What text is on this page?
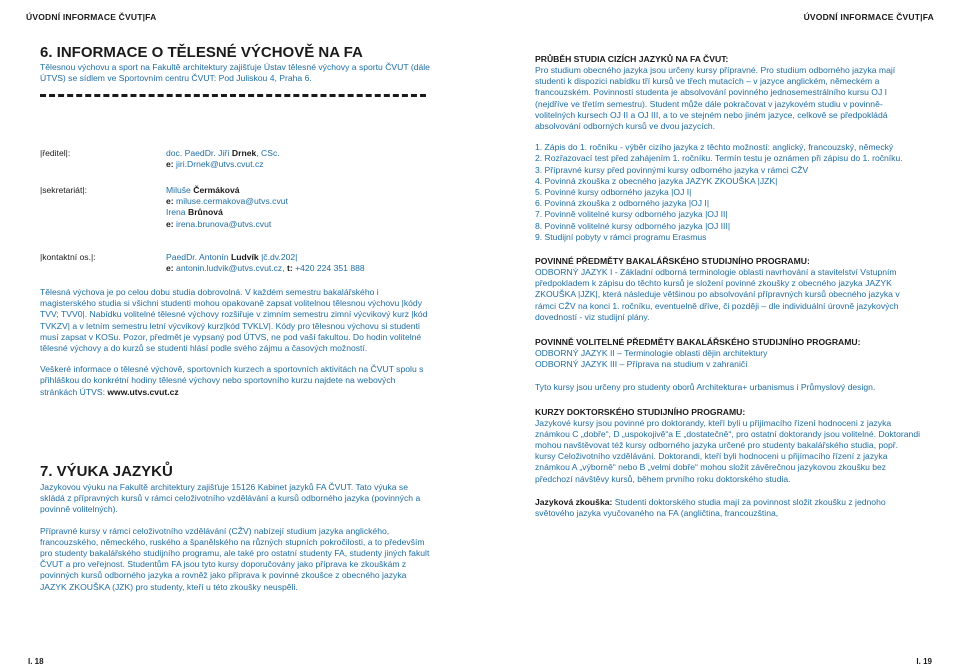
ÚVODNÍ INFORMACE ČVUT|FA	ÚVODNÍ INFORMACE ČVUT|FA
6. INFORMACE O TĚLESNÉ VÝCHOVĚ NA FA

Tělesnou výchovu a sport na Fakultě architektury zajišťuje Ústav tělesné výchovy a sportu ČVUT (dále ÚTVS) se sídlem ve Sportovním centru ČVUT: Pod Juliskou 4, Praha 6.

|ředitel|:	doc. PaedDr. Jiří Drnek, CSc.
e: jiri.Drnek@utvs.cvut.cz
|sekretariát|:	Miluše Čermáková
e: miluse.cermakova@utvs.cvut
Irena Brůnová
e: irena.brunova@utvs.cvut
|kontaktní os.|:	PaedDr. Antonín Ludvík |č.dv.202|
e: antonin.ludvik@utvs.cvut.cz, t: +420 224 351 888

Tělesná výchova je po celou dobu studia dobrovolná. V každém semestru bakalářského i magisterského studia si všichni studenti mohou opakovaně zapsat volitelnou tělesnou výchovu |kódy TVV; TVV0|. Nabídku volitelné tělesné výchovy rozšiřuje v zimním semestru zimní výcvikový kurz |kód TVKZV| a v letním semestru letní výcvikový kurz|kód TVKLV|. Kódy pro tělesnou výchovu si studenti musí zapsat v KOSu. Pozor, předmět je vypsaný pod ÚTVS, ne pod vaší fakultou. Do hodin volitelné tělesné výchovy a do kurzů se studenti hlásí podle svého zájmu a časových možností.

Veškeré informace o tělesné výchově, sportovních kurzech a sportovních aktivitách na ČVUT spolu s přihláškou do konkrétní hodiny tělesné výchovy nebo sportovního kurzu najdete na webových stránkách ÚTVS: www.utvs.cvut.cz

7. VÝUKA JAZYKŮ

Jazykovou výuku na Fakultě architektury zajišťuje 15126 Kabinet jazyků FA ČVUT. Tato výuka se skládá z přípravných kursů v rámci celoživotního vzdělávání a kursů odborného jazyka (povinných a povinně volitelných).

Přípravné kursy v rámci celoživotního vzdělávání (CŽV) nabízejí studium jazyka anglického, francouzského, německého, ruského a španělského na různých stupních pokročilosti, a to především pro studenty bakalářského studijního programu, ale také pro ostatní studenty FA, studenty jiných fakult ČVUT a pro veřejnost. Studentům FA jsou tyto kursy doporučovány jako příprava ke zkouškám z povinných kursů odborného jazyka a rovněž jako příprava k povinné zkoušce z obecného jazyka JAZYK ZKOUŠKA (JZK) pro studenty, kteří u této zkoušky neuspěli.

PRŮBĚH STUDIA CIZÍCH JAZYKŮ NA FA ČVUT:

Pro studium obecného jazyka jsou určeny kursy přípravné. Pro studium odborného jazyka mají studenti k dispozici nabídku tří kursů ve třech mutacích – v jazyce anglickém, německém a francouzském. Povinností studenta je absolvování povinného jednosemestrálního kursu OJ I (nejdříve ve třetím semestru). Student může dále pokračovat v jazykovém studiu v povinně-volitelných kursech OJ II a OJ III, a to ve stejném nebo jiném jazyce, celkově se předpokládá absolvování odborných kursů ve dvou jazycích.

1. Zápis do 1. ročníku - výběr cizího jazyka z těchto možností: anglický, francouzský, německý
2. Rozřazovací test před zahájením 1. ročníku. Termín testu je oznámen při zápisu do 1. ročníku.
3. Přípravné kursy před povinnými kursy odborného jazyka v rámci CŽV
4. Povinná zkouška z obecného jazyka JAZYK ZKOUŠKA |JZK|
5. Povinné kursy odborného jazyka |OJ I|
6. Povinná zkouška z odborného jazyka |OJ I|
7. Povinně volitelné kursy odborného jazyka |OJ II|
8. Povinně volitelné kursy odborného jazyka |OJ III|
9. Studijní pobyty v rámci programu Erasmus
POVINNÉ PŘEDMĚTY BAKALÁŘSKÉHO STUDIJNÍHO PROGRAMU:

ODBORNÝ JAZYK I - Základní odborná terminologie oblasti navrhování a stavitelství Vstupním předpokladem k zápisu do těchto kursů je složení povinné zkoušky z obecného jazyka JAZYK ZKOUŠKA |JZK|, která následuje většinou po absolvování přípravných kursů obecného jazyka v rámci CŽV na konci 1. ročníku, eventuelně dříve, či později – dle individuální úrovně jazykových dovedností - viz studijní plány.

POVINNĚ VOLITELNÉ PŘEDMĚTY BAKALÁŘSKÉHO STUDIJNÍHO PROGRAMU:

ODBORNÝ JAZYK II – Terminologie oblasti dějin architektury

ODBORNÝ JAZYK III – Příprava na studium v zahraničí

Tyto kursy jsou určeny pro studenty oborů Architektura+ urbanismus i Průmyslový design.

KURZY DOKTORSKÉHO STUDIJNÍHO PROGRAMU:

Jazykové kursy jsou povinné pro doktorandy, kteří byli u přijímacího řízení hodnoceni z jazyka známkou C „dobře“, D „uspokojivě“a E „dostatečně“, pro ostatní doktorandy jsou volitelné. Doktorandi mohou navštěvovat též kursy odborného jazyka určené pro studenty bakalářského studia, popř. kursy Celoživotního vzdělávání. Doktorandi, kteří byli hodnoceni u přijímacího řízení z jazyka známkou A „výborně“ nebo B „velmi dobře“ mohou složit závěrečnou jazykovou zkoušku bez předchozí návštěvy kursů, během prvního roku doktorského studia.

Jazyková zkouška: Studenti doktorského studia mají za povinnost složit zkoušku z jednoho světového jazyka vyučovaného na FA (angličtina, francouzština,

I. 18	I. 19
